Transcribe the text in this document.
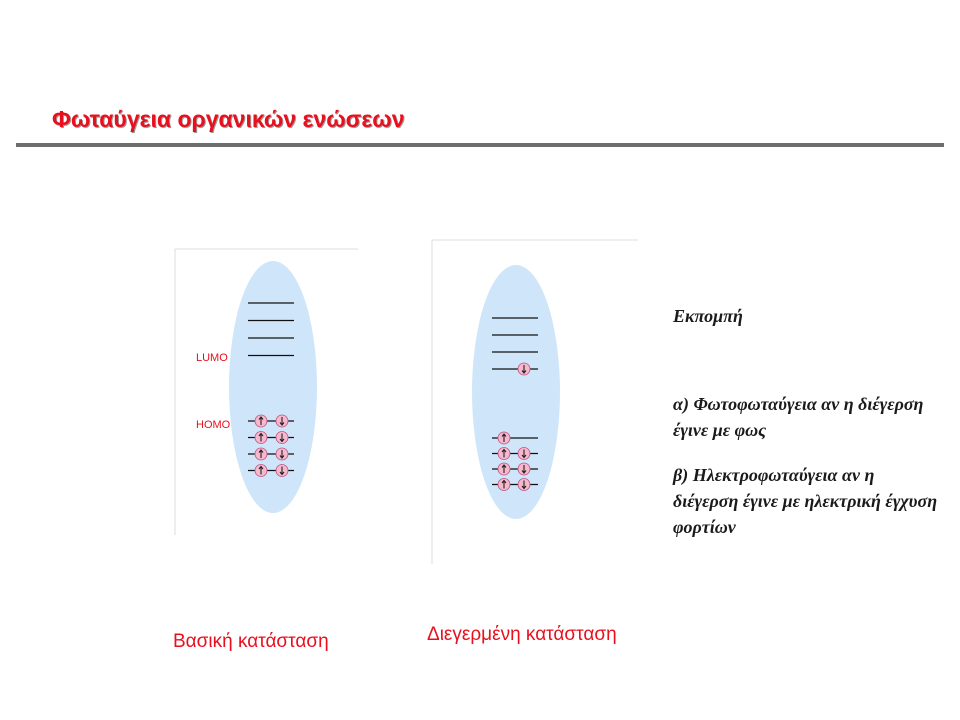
Φωταύγεια οργανικών ενώσεων
LUMO
HOMO
Βασική κατάσταση	Διεγερμένη κατάσταση
Εκπομπή
α) Φωτοφωταύγεια αν η διέγερση έγινε με φως
β) Ηλεκτροφωταύγεια αν η διέγερση έγινε με ηλεκτρική έγχυση φορτίων
